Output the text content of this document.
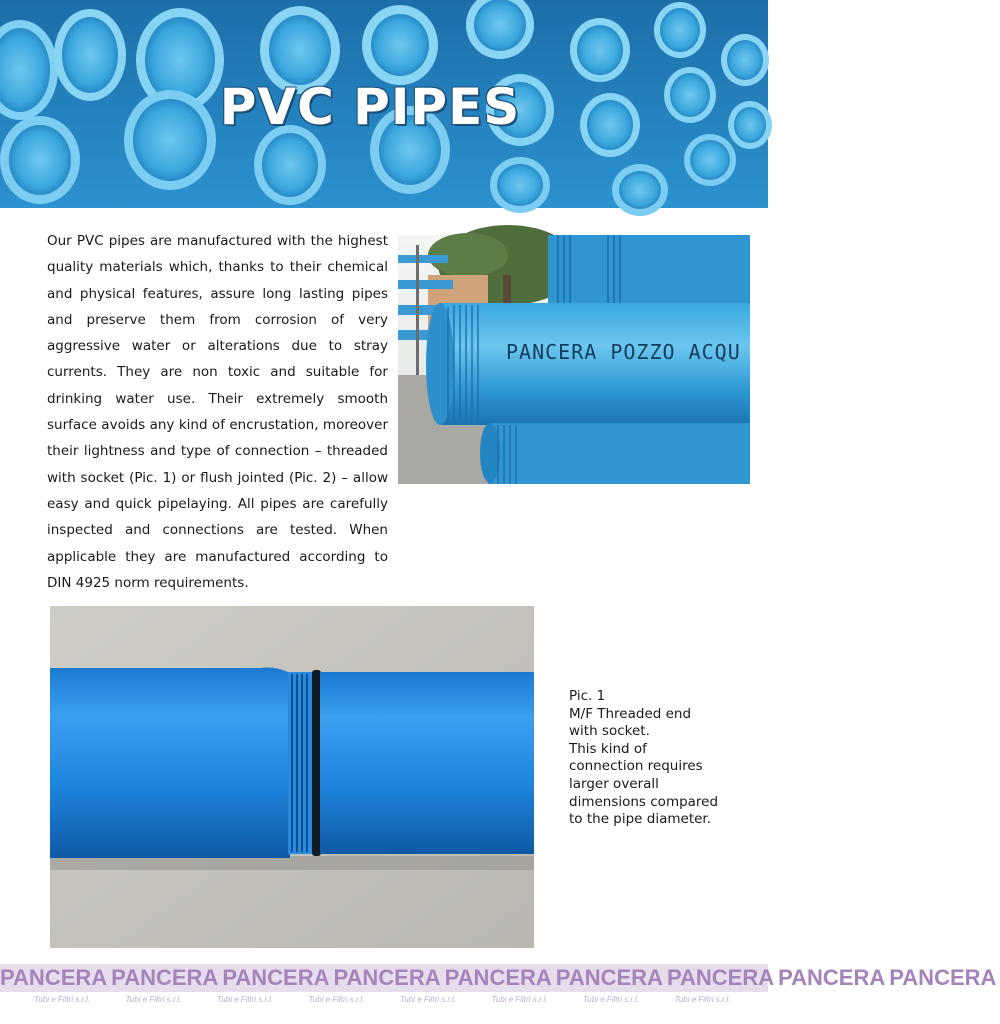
PVC PIPES
Our PVC pipes are manufactured with the highest quality materials which, thanks to their chemical and physical features, assure long lasting pipes and preserve them from corrosion of very aggressive water or alterations due to stray currents. They are non toxic and suitable for drinking water use. Their extremely smooth surface avoids any kind of encrustation, moreover their lightness and type of connection – threaded with socket (Pic. 1) or flush jointed (Pic. 2) – allow easy and quick pipelaying. All pipes are carefully inspected and connections are tested. When applicable they are manufactured according to DIN 4925 norm requirements.
PANCERA POZZO ACQU
Pic. 1
M/F Threaded end
with socket.
This kind of
connection requires
larger overall
dimensions compared
to the pipe diameter.
PANCERA PANCERA PANCERA PANCERA PANCERA PANCERA PANCERA PANCERA PANCERA
Tubi e Filtri s.r.l.	Tubi e Filtri s.r.l.	Tubi e Filtri s.r.l.	Tubi e Filtri s.r.l.	Tubi e Filtri s.r.l.	Tubi e Filtri s.r.l.	Tubi e Filtri s.r.l.	Tubi e Filtri s.r.l.
